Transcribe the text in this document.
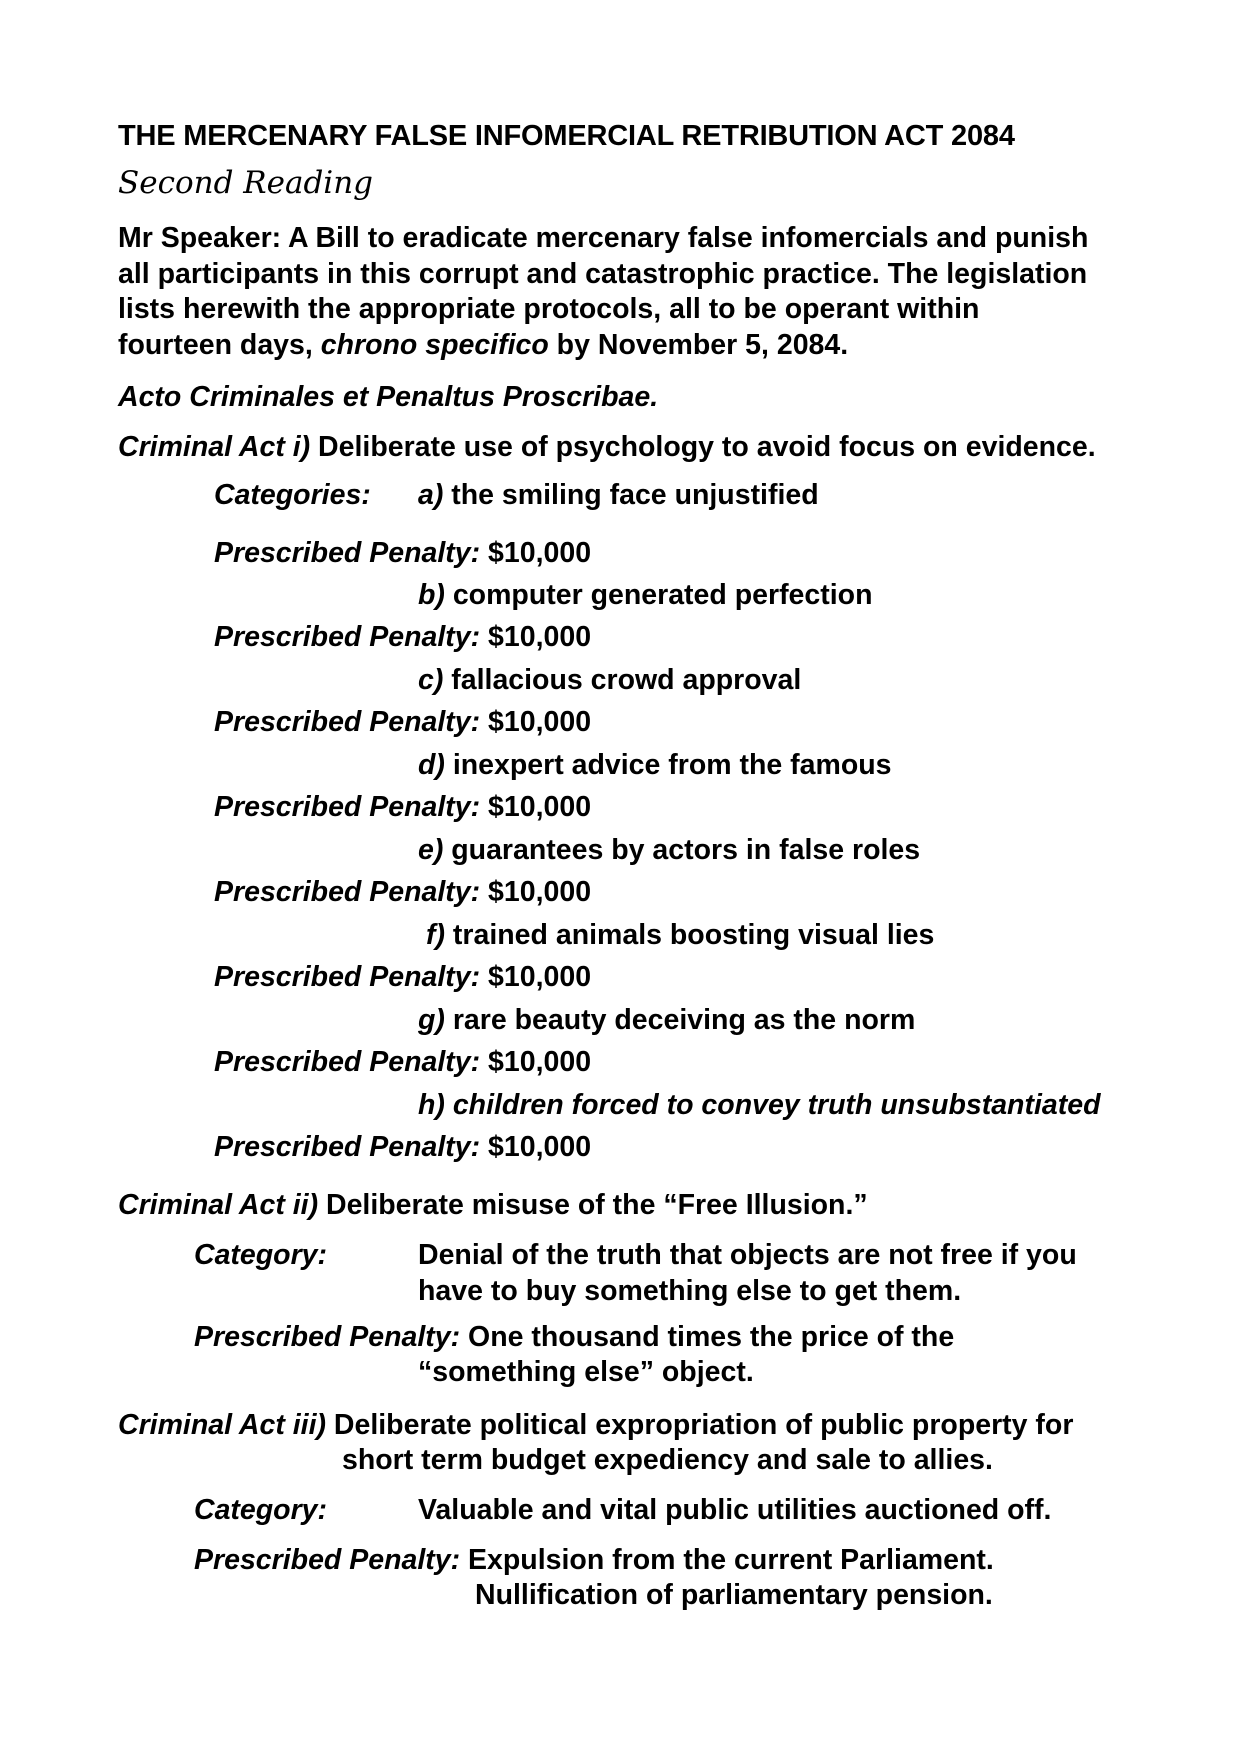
THE MERCENARY FALSE INFOMERCIAL RETRIBUTION ACT 2084
Second Reading
Mr Speaker: A Bill to eradicate mercenary false infomercials and punish
all participants in this corrupt and catastrophic practice. The legislation
lists herewith the appropriate protocols, all to be operant within
fourteen days, chrono specifico by November 5, 2084.
Acto Criminales et Penaltus Proscribae.
Criminal Act i) Deliberate use of psychology to avoid focus on evidence.
Categories: a) the smiling face unjustified
Prescribed Penalty: $10,000
b) computer generated perfection
Prescribed Penalty: $10,000
c) fallacious crowd approval
Prescribed Penalty: $10,000
d) inexpert advice from the famous
Prescribed Penalty: $10,000
e) guarantees by actors in false roles
Prescribed Penalty: $10,000
f) trained animals boosting visual lies
Prescribed Penalty: $10,000
g) rare beauty deceiving as the norm
Prescribed Penalty: $10,000
h) children forced to convey truth unsubstantiated
Prescribed Penalty: $10,000
Criminal Act ii) Deliberate misuse of the “Free Illusion.”
Category:	Denial of the truth that objects are not free if you
have to buy something else to get them.
Prescribed Penalty: One thousand times the price of the
“something else” object.
Criminal Act iii) Deliberate political expropriation of public property for
short term budget expediency and sale to allies.
Category:	Valuable and vital public utilities auctioned off.
Prescribed Penalty: Expulsion from the current Parliament.
Nullification of parliamentary pension.
